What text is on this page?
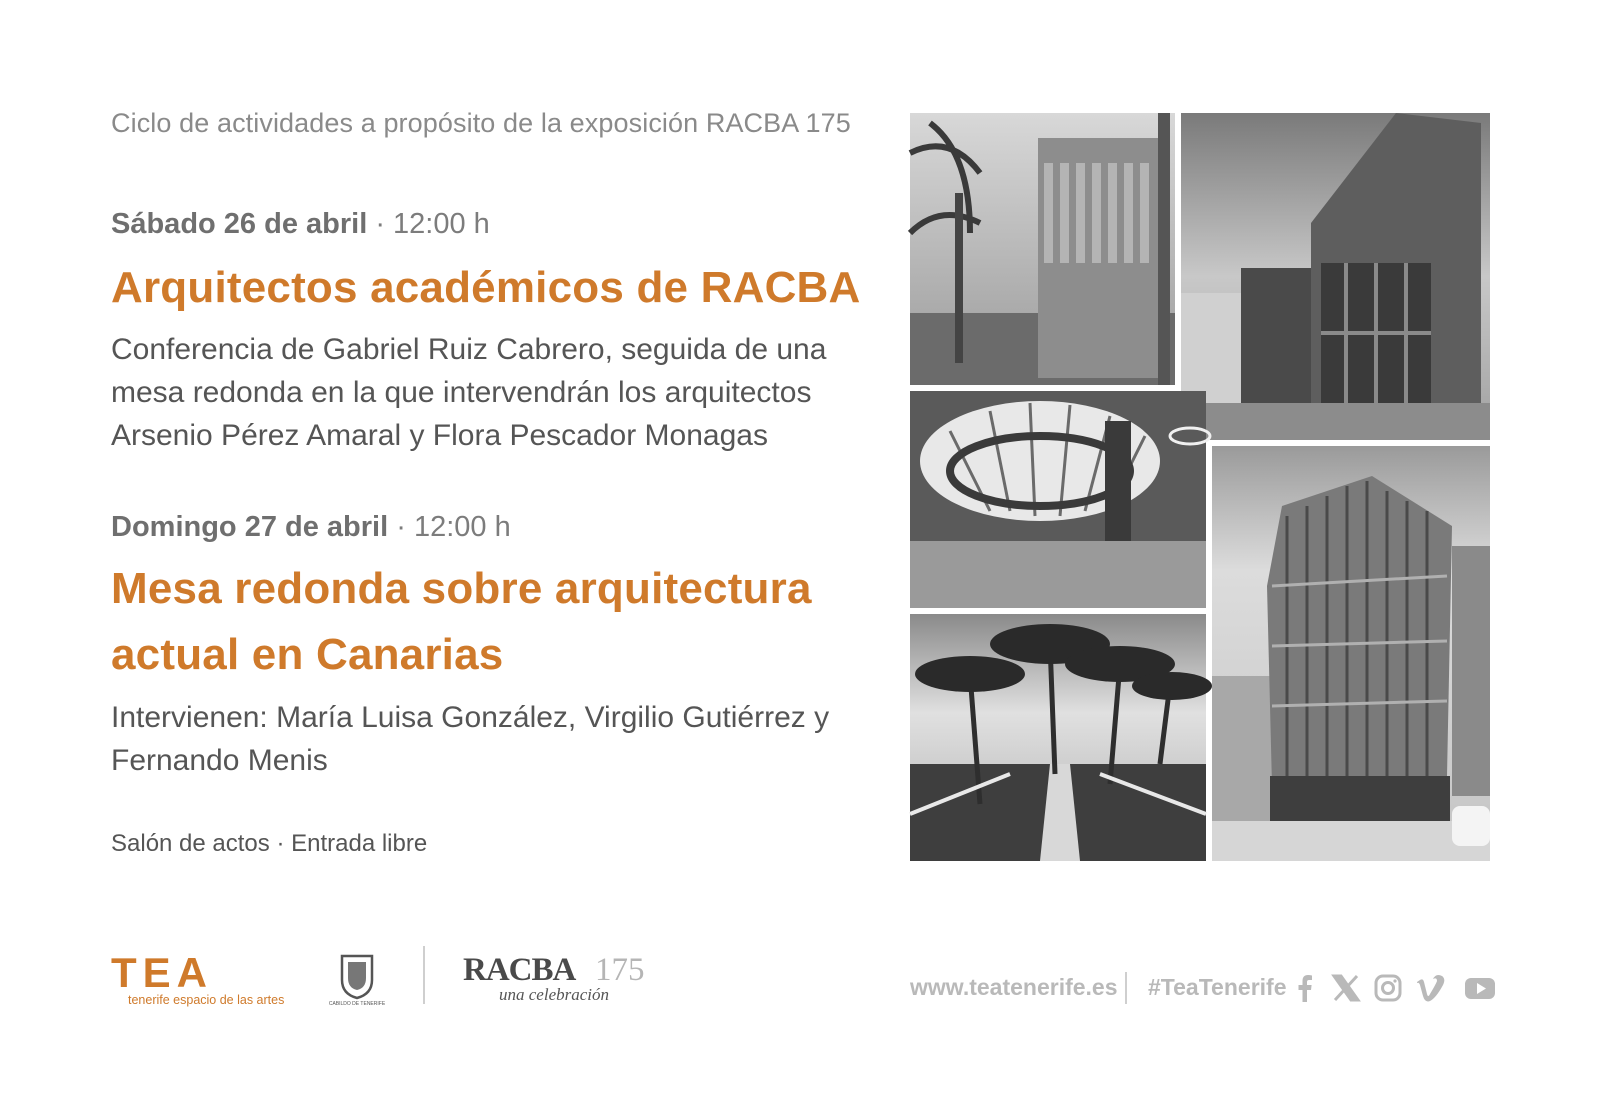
Ciclo de actividades a propósito de la exposición RACBA 175
Sábado 26 de abril · 12:00 h
Arquitectos académicos de RACBA
Conferencia de Gabriel Ruiz Cabrero, seguida de una mesa redonda en la que intervendrán los arquitectos Arsenio Pérez Amaral y Flora Pescador Monagas
Domingo 27 de abril · 12:00 h
Mesa redonda sobre arquitectura actual en Canarias
Intervienen: María Luisa González, Virgilio Gutiérrez y Fernando Menis
Salón de actos · Entrada libre
TEA
tenerife espacio de las artes	CABILDO DE TENERIFE
RACBA 175
una celebración	www.teatenerife.es #TeaTenerife
